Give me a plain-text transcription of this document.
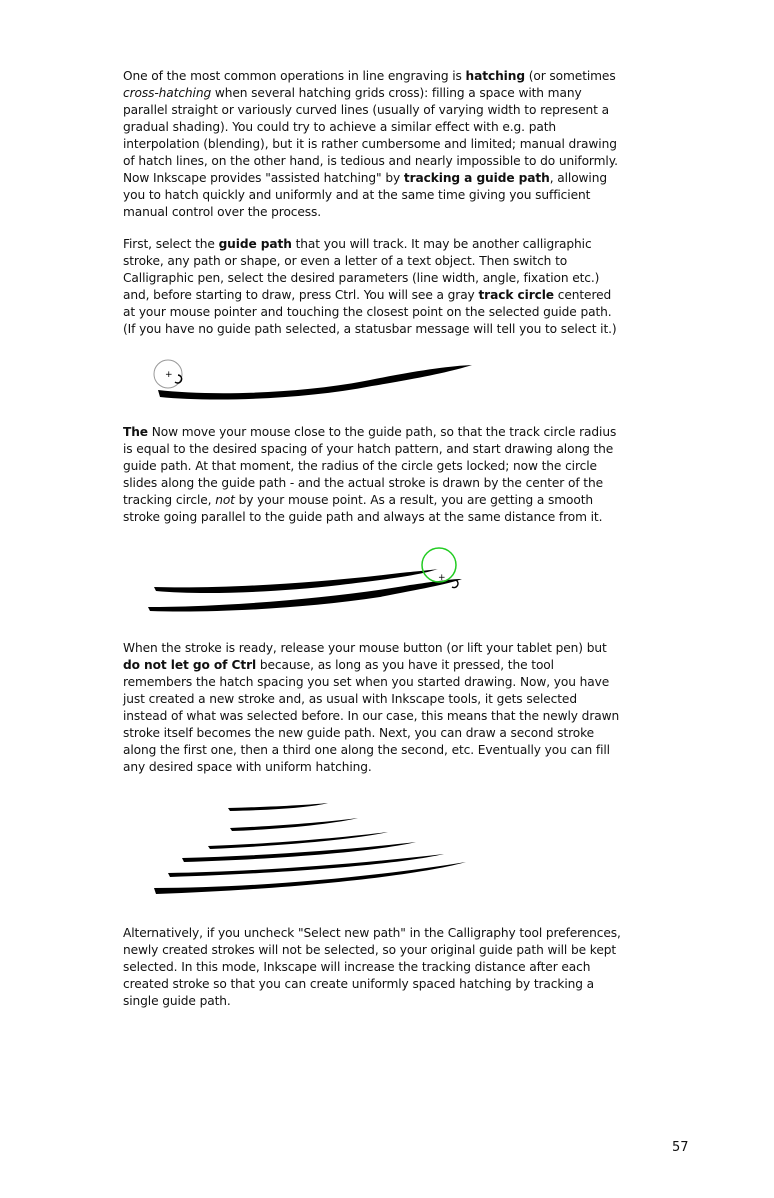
One of the most common operations in line engraving is hatching (or sometimes cross-hatching when several hatching grids cross): filling a space with many parallel straight or variously curved lines (usually of varying width to represent a gradual shading). You could try to achieve a similar effect with e.g. path interpolation (blending), but it is rather cumbersome and limited; manual drawing of hatch lines, on the other hand, is tedious and nearly impossible to do uniformly. Now Inkscape provides "assisted hatching" by tracking a guide path, allowing you to hatch quickly and uniformly and at the same time giving you sufficient manual control over the process.

First, select the guide path that you will track. It may be another calligraphic stroke, any path or shape, or even a letter of a text object. Then switch to Calligraphic pen, select the desired parameters (line width, angle, fixation etc.) and, before starting to draw, press Ctrl. You will see a gray track circle centered at your mouse pointer and touching the closest point on the selected guide path. (If you have no guide path selected, a statusbar message will tell you to select it.)

+

The Now move your mouse close to the guide path, so that the track circle radius is equal to the desired spacing of your hatch pattern, and start drawing along the guide path. At that moment, the radius of the circle gets locked; now the circle slides along the guide path - and the actual stroke is drawn by the center of the tracking circle, not by your mouse point. As a result, you are getting a smooth stroke going parallel to the guide path and always at the same distance from it.

+

When the stroke is ready, release your mouse button (or lift your tablet pen) but do not let go of Ctrl because, as long as you have it pressed, the tool remembers the hatch spacing you set when you started drawing. Now, you have just created a new stroke and, as usual with Inkscape tools, it gets selected instead of what was selected before. In our case, this means that the newly drawn stroke itself becomes the new guide path. Next, you can draw a second stroke along the first one, then a third one along the second, etc. Eventually you can fill any desired space with uniform hatching.

Alternatively, if you uncheck "Select new path" in the Calligraphy tool preferences, newly created strokes will not be selected, so your original guide path will be kept selected. In this mode, Inkscape will increase the tracking distance after each created stroke so that you can create uniformly spaced hatching by tracking a single guide path.

57
